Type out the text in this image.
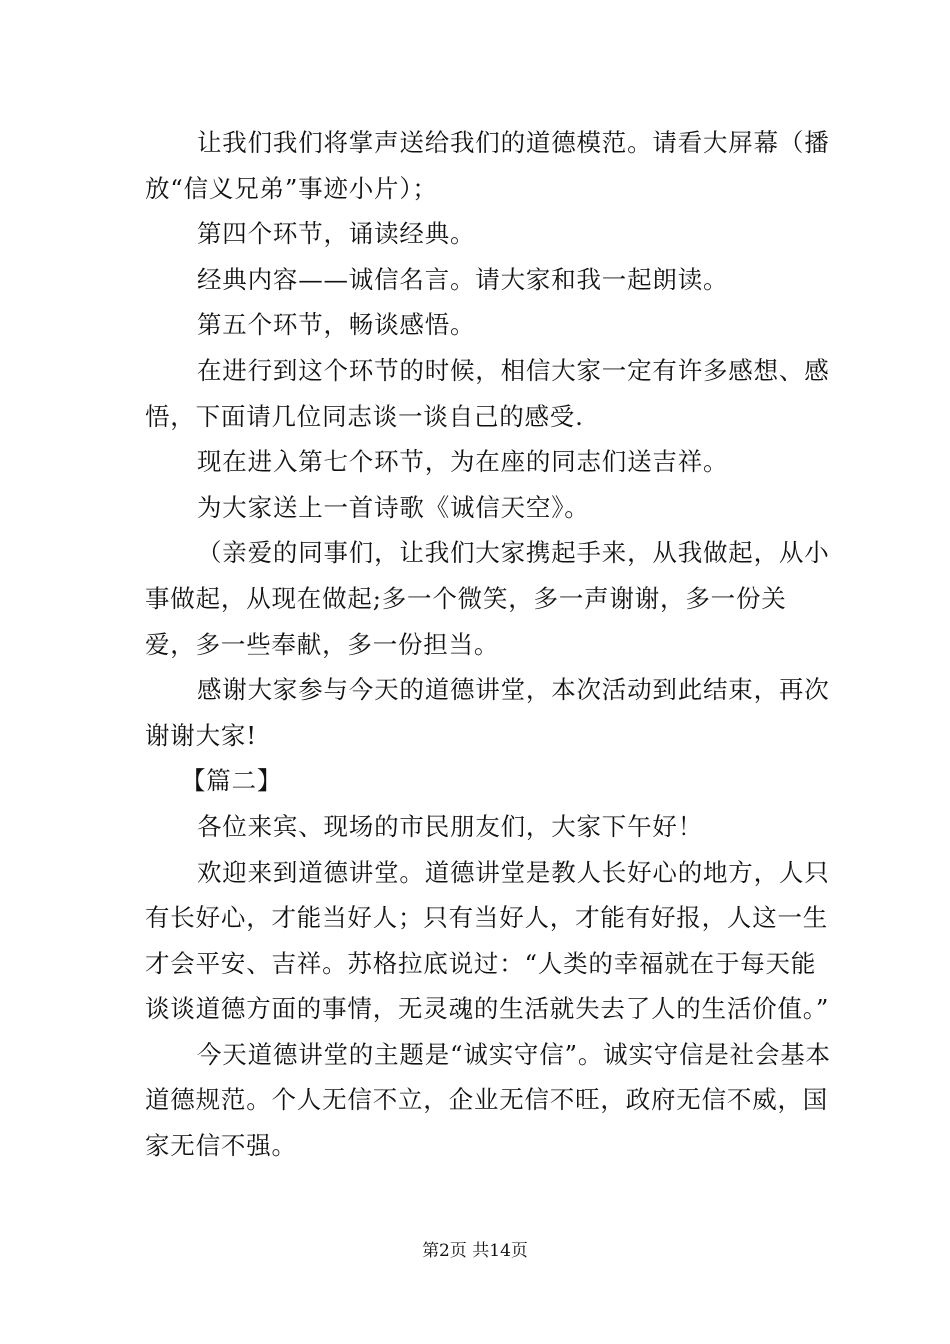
让我们我们将掌声送给我们的道德模范。请看大屏幕（播放“信义兄弟”事迹小片）；

第四个环节，诵读经典。

经典内容——诚信名言。请大家和我一起朗读。

第五个环节，畅谈感悟。

在进行到这个环节的时候，相信大家一定有许多感想、感悟，下面请几位同志谈一谈自己的感受.

现在进入第七个环节，为在座的同志们送吉祥。

为大家送上一首诗歌《诚信天空》。

（亲爱的同事们，让我们大家携起手来，从我做起，从小事做起，从现在做起;多一个微笑，多一声谢谢，多一份关爱，多一些奉献，多一份担当。

感谢大家参与今天的道德讲堂，本次活动到此结束，再次谢谢大家!

【篇二】

各位来宾、现场的市民朋友们，大家下午好！

欢迎来到道德讲堂。道德讲堂是教人长好心的地方，人只有长好心，才能当好人；只有当好人，才能有好报，人这一生才会平安、吉祥。苏格拉底说过：“人类的幸福就在于每天能谈谈道德方面的事情，无灵魂的生活就失去了人的生活价值。”

今天道德讲堂的主题是“诚实守信”。诚实守信是社会基本道德规范。个人无信不立，企业无信不旺，政府无信不威，国家无信不强。

第2页 共14页
